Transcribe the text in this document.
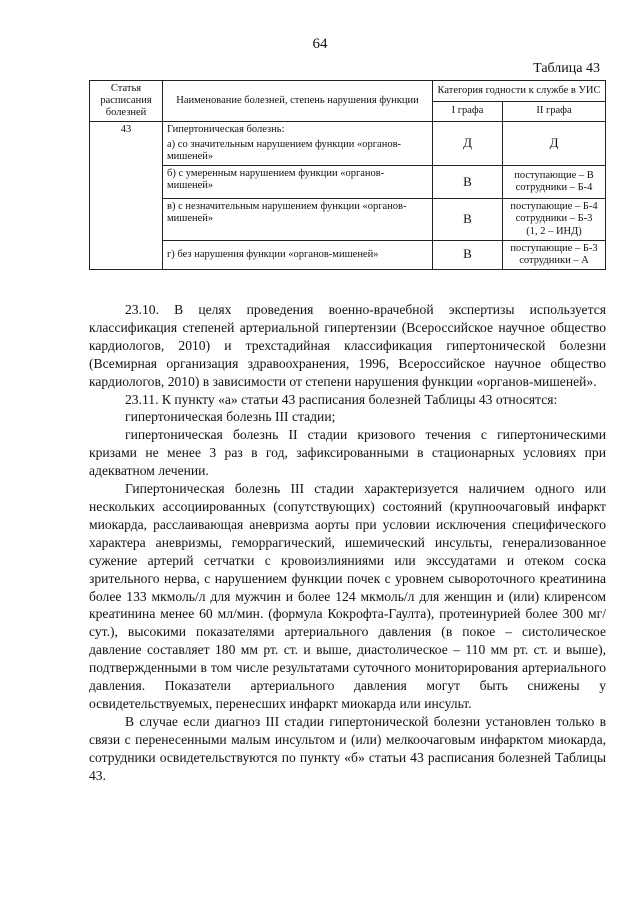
64
Таблица 43
Статья расписания болезней	Наименование болезней, степень нарушения функции	Категория годности к службе в УИС	
		I графа	II графа
43	Гипертоническая болезнь:
а) со значительным нарушением функции «органов-мишеней»	Д	Д

	б) с умеренным нарушением функции «органов-мишеней»	В	поступающие – В
сотрудники – Б-4

	в) с незначительным нарушением функции «органов-мишеней»	В	поступающие – Б-4
сотрудники – Б-3
(1, 2 – ИНД)

	г) без нарушения функции «органов-мишеней»	В	поступающие – Б-3
сотрудники – А

23.10. В целях проведения военно-врачебной экспертизы используется классификация степеней артериальной гипертензии (Всероссийское научное общество кардиологов, 2010) и трехстадийная классификация гипертонической болезни (Всемирная организация здравоохранения, 1996, Всероссийское научное общество кардиологов, 2010) в зависимости от степени нарушения функции «органов-мишеней».

23.11. К пункту «а» статьи 43 расписания болезней Таблицы 43 относятся:

гипертоническая болезнь III стадии;

гипертоническая болезнь II стадии кризового течения с гипертоническими кризами не менее 3 раз в год, зафиксированными в стационарных условиях при адекватном лечении.

Гипертоническая болезнь III стадии характеризуется наличием одного или нескольких ассоциированных (сопутствующих) состояний (крупноочаговый инфаркт миокарда, расслаивающая аневризма аорты при условии исключения специфического характера аневризмы, геморрагический, ишемический инсульты, генерализованное сужение артерий сетчатки с кровоизлияниями или экссудатами и отеком соска зрительного нерва, с нарушением функции почек с уровнем сывороточного креатинина более 133 мкмоль/л для мужчин и более 124 мкмоль/л для женщин и (или) клиренсом креатинина менее 60 мл/мин. (формула Кокрофта-Гаулта), протеинурией более 300 мг/сут.), высокими показателями артериального давления (в покое – систолическое давление составляет 180 мм рт. ст. и выше, диастолическое – 110 мм рт. ст. и выше), подтвержденными в том числе результатами суточного мониторирования артериального давления. Показатели артериального давления могут быть снижены у освидетельствуемых, перенесших инфаркт миокарда или инсульт.

В случае если диагноз III стадии гипертонической болезни установлен только в связи с перенесенными малым инсультом и (или) мелкоочаговым инфарктом миокарда, сотрудники освидетельствуются по пункту «б» статьи 43 расписания болезней Таблицы 43.
